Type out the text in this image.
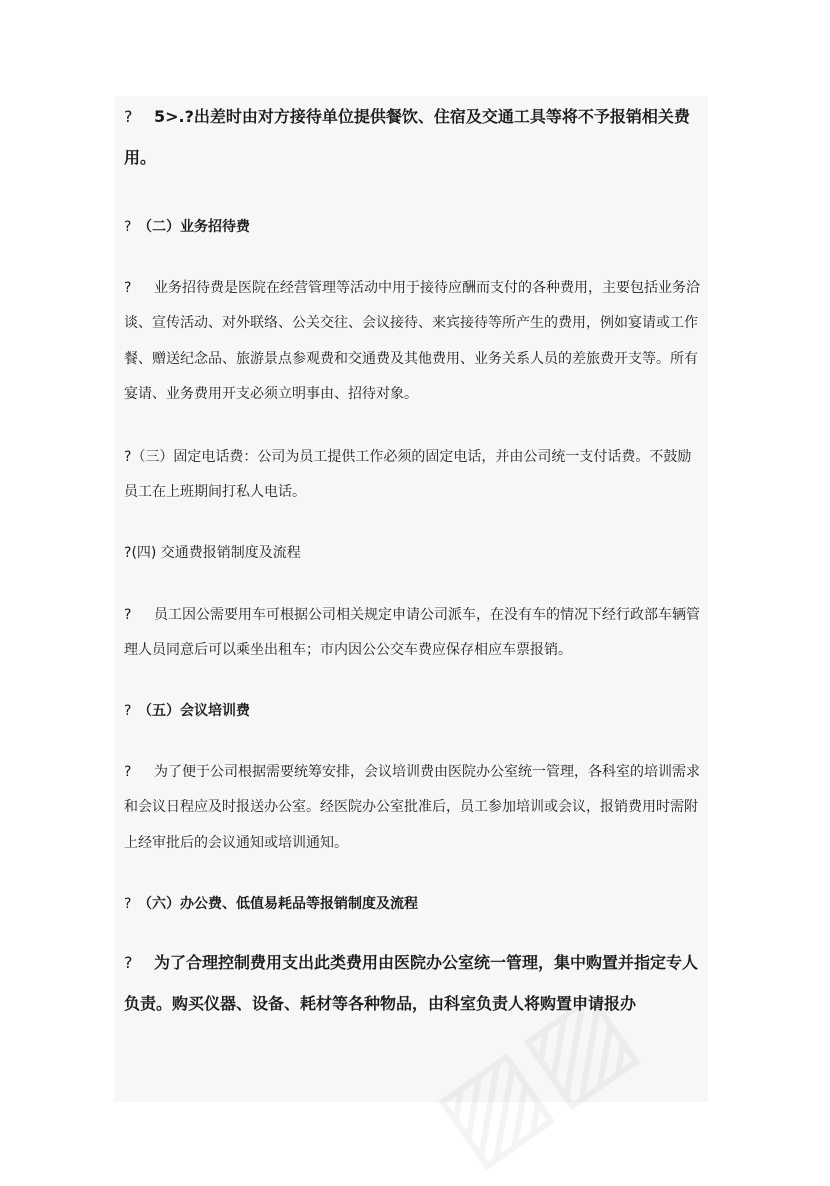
? 5>.?出差时由对方接待单位提供餐饮、住宿及交通工具等将不予报销相关费用。

? （二）业务招待费

? 业务招待费是医院在经营管理等活动中用于接待应酬而支付的各种费用，主要包括业务洽谈、宣传活动、对外联络、公关交往、会议接待、来宾接待等所产生的费用，例如宴请或工作餐、赠送纪念品、旅游景点参观费和交通费及其他费用、业务关系人员的差旅费开支等。所有宴请、业务费用开支必须立明事由、招待对象。

?（三）固定电话费：公司为员工提供工作必须的固定电话，并由公司统一支付话费。不鼓励员工在上班期间打私人电话。

?(四) 交通费报销制度及流程

? 员工因公需要用车可根据公司相关规定申请公司派车，在没有车的情况下经行政部车辆管理人员同意后可以乘坐出租车；市内因公公交车费应保存相应车票报销。

? （五）会议培训费

? 为了便于公司根据需要统筹安排，会议培训费由医院办公室统一管理，各科室的培训需求和会议日程应及时报送办公室。经医院办公室批准后，员工参加培训或会议，报销费用时需附上经审批后的会议通知或培训通知。

? （六）办公费、低值易耗品等报销制度及流程

? 为了合理控制费用支出此类费用由医院办公室统一管理，集中购置并指定专人负责。购买仪器、设备、耗材等各种物品，由科室负责人将购置申请报办
